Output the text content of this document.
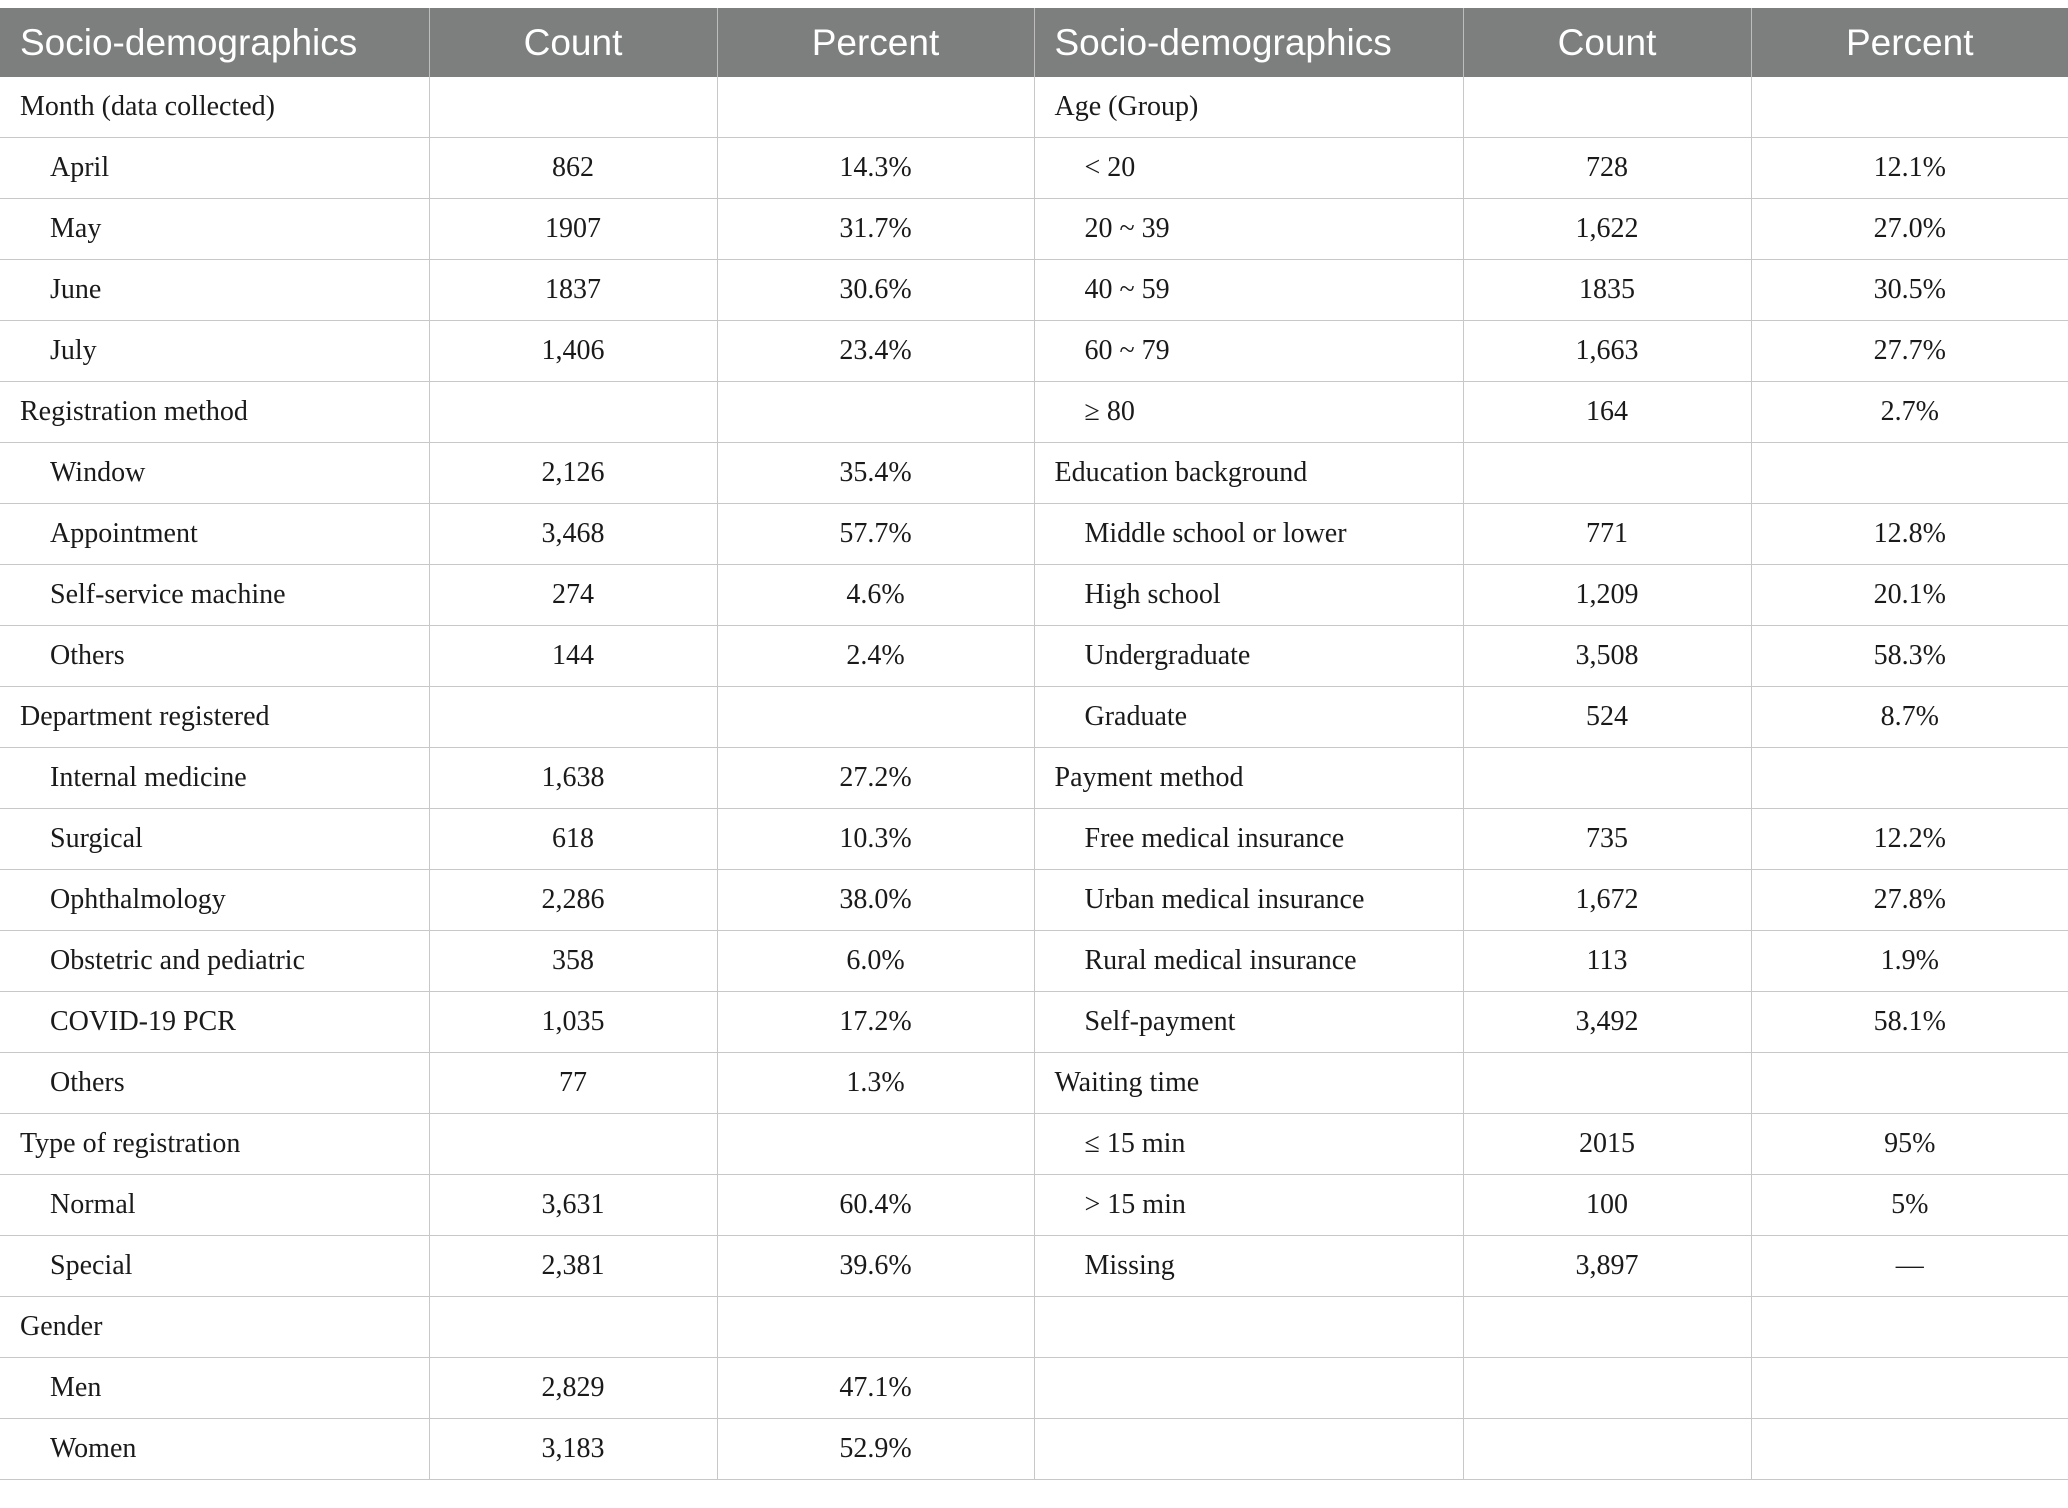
Socio-demographics	Count	Percent	Socio-demographics	Count	Percent
Month (data collected)			Age (Group)		
April	862	14.3%	< 20	728	12.1%
May	1907	31.7%	20 ~ 39	1,622	27.0%
June	1837	30.6%	40 ~ 59	1835	30.5%
July	1,406	23.4%	60 ~ 79	1,663	27.7%
Registration method			≥ 80	164	2.7%
Window	2,126	35.4%	Education background		
Appointment	3,468	57.7%	Middle school or lower	771	12.8%
Self-service machine	274	4.6%	High school	1,209	20.1%
Others	144	2.4%	Undergraduate	3,508	58.3%
Department registered			Graduate	524	8.7%
Internal medicine	1,638	27.2%	Payment method		
Surgical	618	10.3%	Free medical insurance	735	12.2%
Ophthalmology	2,286	38.0%	Urban medical insurance	1,672	27.8%
Obstetric and pediatric	358	6.0%	Rural medical insurance	113	1.9%
COVID-19 PCR	1,035	17.2%	Self-payment	3,492	58.1%
Others	77	1.3%	Waiting time		
Type of registration			≤ 15 min	2015	95%
Normal	3,631	60.4%	> 15 min	100	5%
Special	2,381	39.6%	Missing	3,897	—
Gender					
Men	2,829	47.1%			
Women	3,183	52.9%			
